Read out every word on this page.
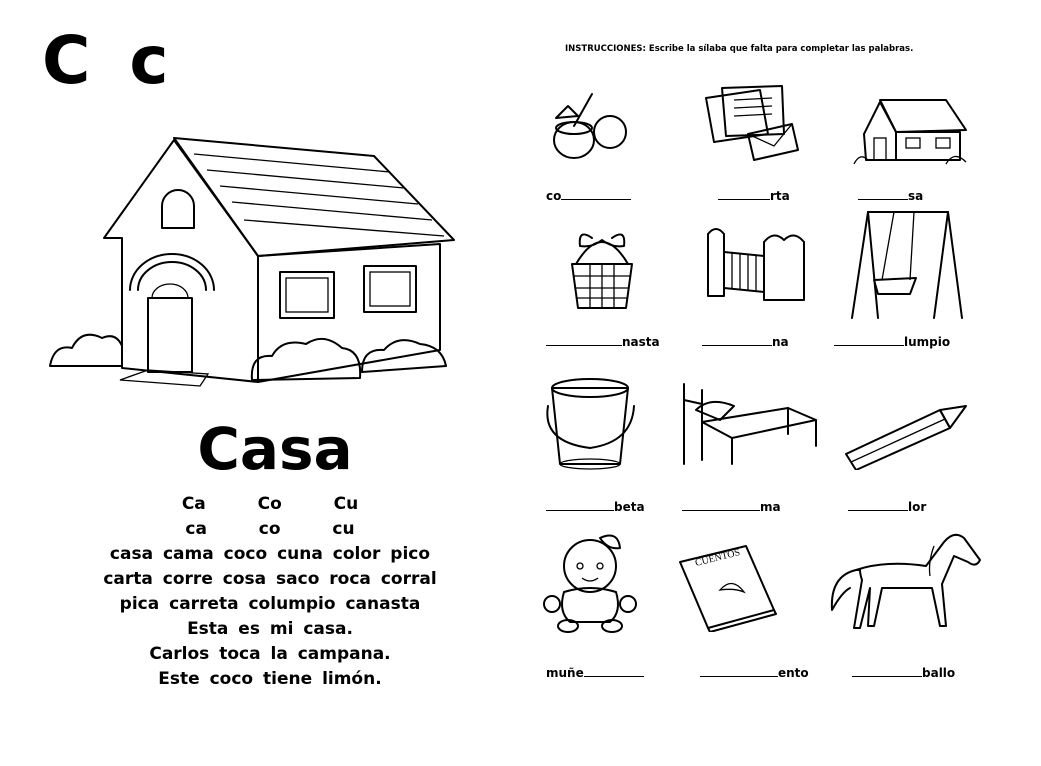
C c
Casa
Ca  Co  Cu
ca  co  cu
casa cama coco cuna color pico
carta corre cosa saco roca corral
pica carreta columpio canasta
Esta es mi casa.
Carlos toca la campana.
Este coco tiene limón.
INSTRUCCIONES: Escribe la sílaba que falta para completar las palabras.
CUENTOS
co	rta	sa
nasta	na	lumpio
beta	ma	lor
muñe	ento	ballo
